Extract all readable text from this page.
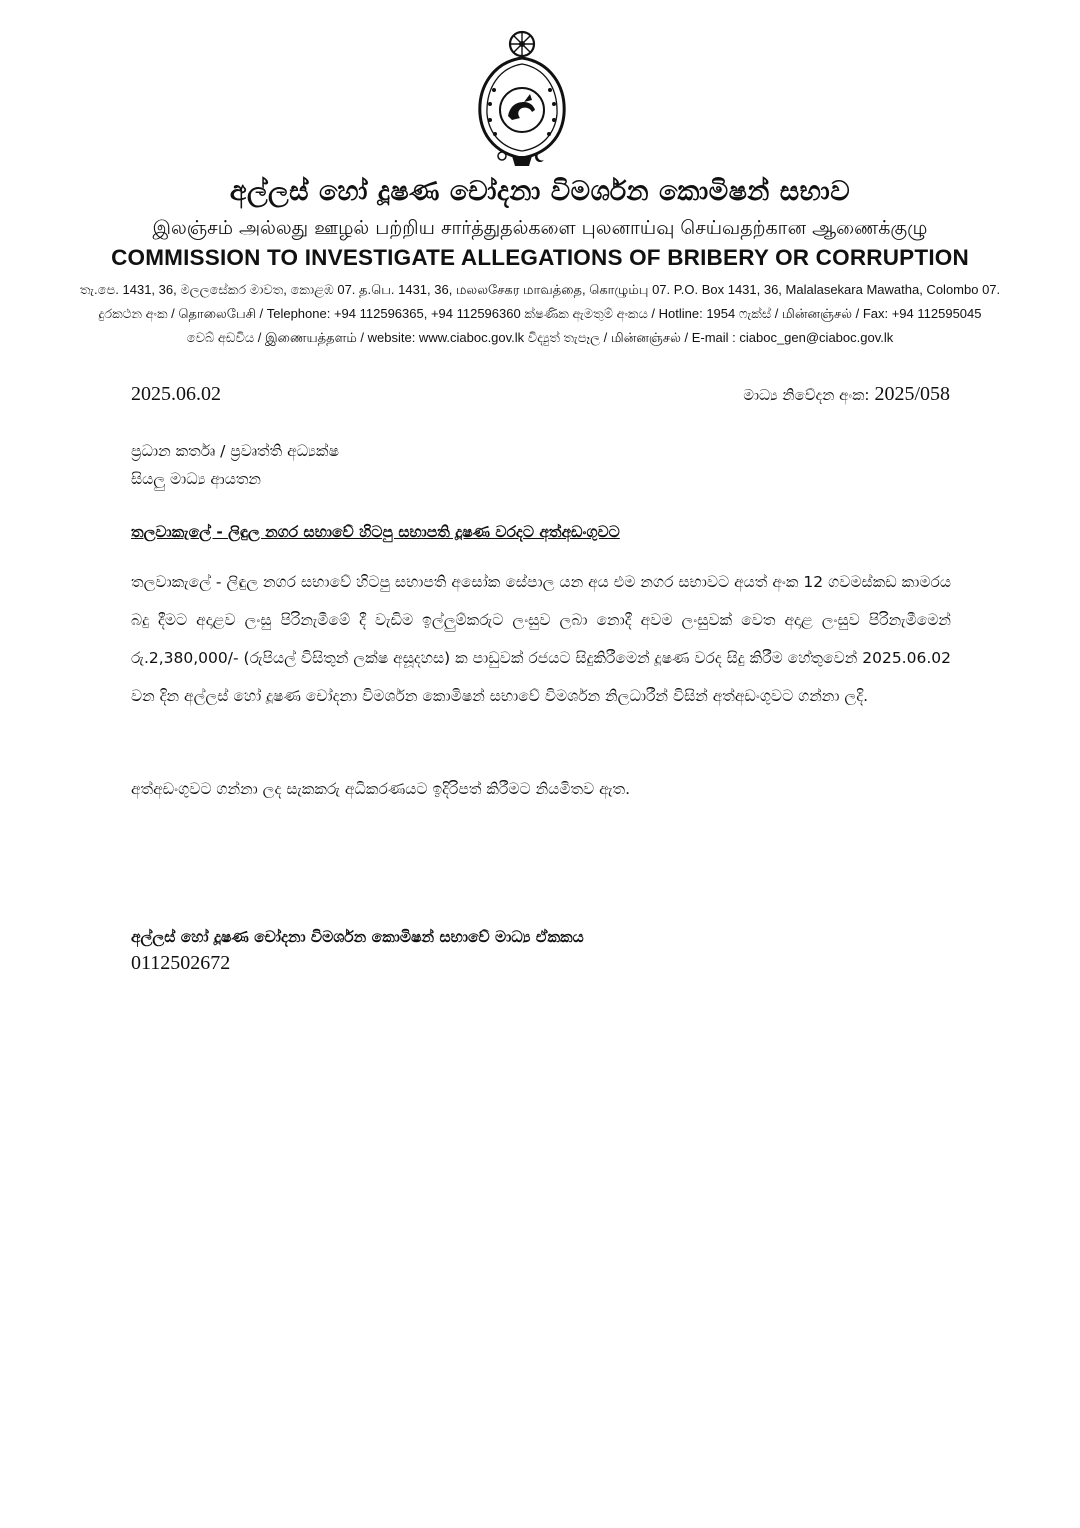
අල්ලස් හෝ දූෂණ චෝදනා විමර්ශන කොමිෂන් සභාව
இலஞ்சம் அல்லது ஊழல் பற்றிய சார்த்துதல்களை புலனாய்வு செய்வதற்கான ஆணைக்குழு
COMMISSION TO INVESTIGATE ALLEGATIONS OF BRIBERY OR CORRUPTION
තැ.පෙ. 1431, 36, මලලසේකර මාවත, කොළඹ 07. த.பெ. 1431, 36, மலலசேகர மாவத்தை, கொழும்பு 07. P.O. Box 1431, 36, Malalasekara Mawatha, Colombo 07.
දුරකථන අංක / தொலைபேசி / Telephone: +94 112596365, +94 112596360 ක්ෂණික ඇමතුම් අංකය / Hotline: 1954 ෆැක්ස් / மின்னஞ்சல் / Fax: +94 112595045
වෙබ් අඩවිය / இணையத்தளம் / website: www.ciaboc.gov.lk විද්‍යුත් තැපෑල / மின்னஞ்சல் / E-mail : ciaboc_gen@ciaboc.gov.lk
2025.06.02	මාධ්‍ය නිවේදන අංක: 2025/058
ප්‍රධාන කර්තෘ / ප්‍රවෘත්ති අධ්‍යක්ෂ
සියලු මාධ්‍ය ආයතන
තලවාකැලේ - ලිඳුල නගර සභාවේ හිටපු සභාපති දූෂණ වරදට අත්අඩංගුවට

තලවාකැලේ - ලිඳුල නගර සභාවේ හිටපු සභාපති අසෝක සේපාල යන අය එම නගර සභාවට අයත් අංක 12 ගවමස්කඩ කාමරය බදු දීමට අදාළව ලංසු පිරිනැමීමේ දී වැඩිම ඉල්ලුම්කරුට ලංසුව ලබා නොදී අවම ලංසුවක් වෙත අදාළ ලංසුව පිරිනැමීමෙන් රු.2,380,000/- (රුපියල් විසිතුන් ලක්ෂ අසූදහස) ක පාඩුවක් රජයට සිදුකිරීමෙන් දූෂණ වරද සිදු කිරීම හේතුවෙන් 2025.06.02 වන දින අල්ලස් හෝ දූෂණ චෝදනා විමර්ශන කොමිෂන් සභාවේ විමර්ශන නිලධාරීන් විසින් අත්අඩංගුවට ගන්නා ලදි.

අත්අඩංගුවට ගන්නා ලද සැකකරු අධිකරණයට ඉදිරිපත් කිරීමට නියමිතව ඇත.

අල්ලස් හෝ දූෂණ චෝදනා විමර්ශන කොමිෂන් සභාවේ මාධ්‍ය ඒකකය
0112502672
